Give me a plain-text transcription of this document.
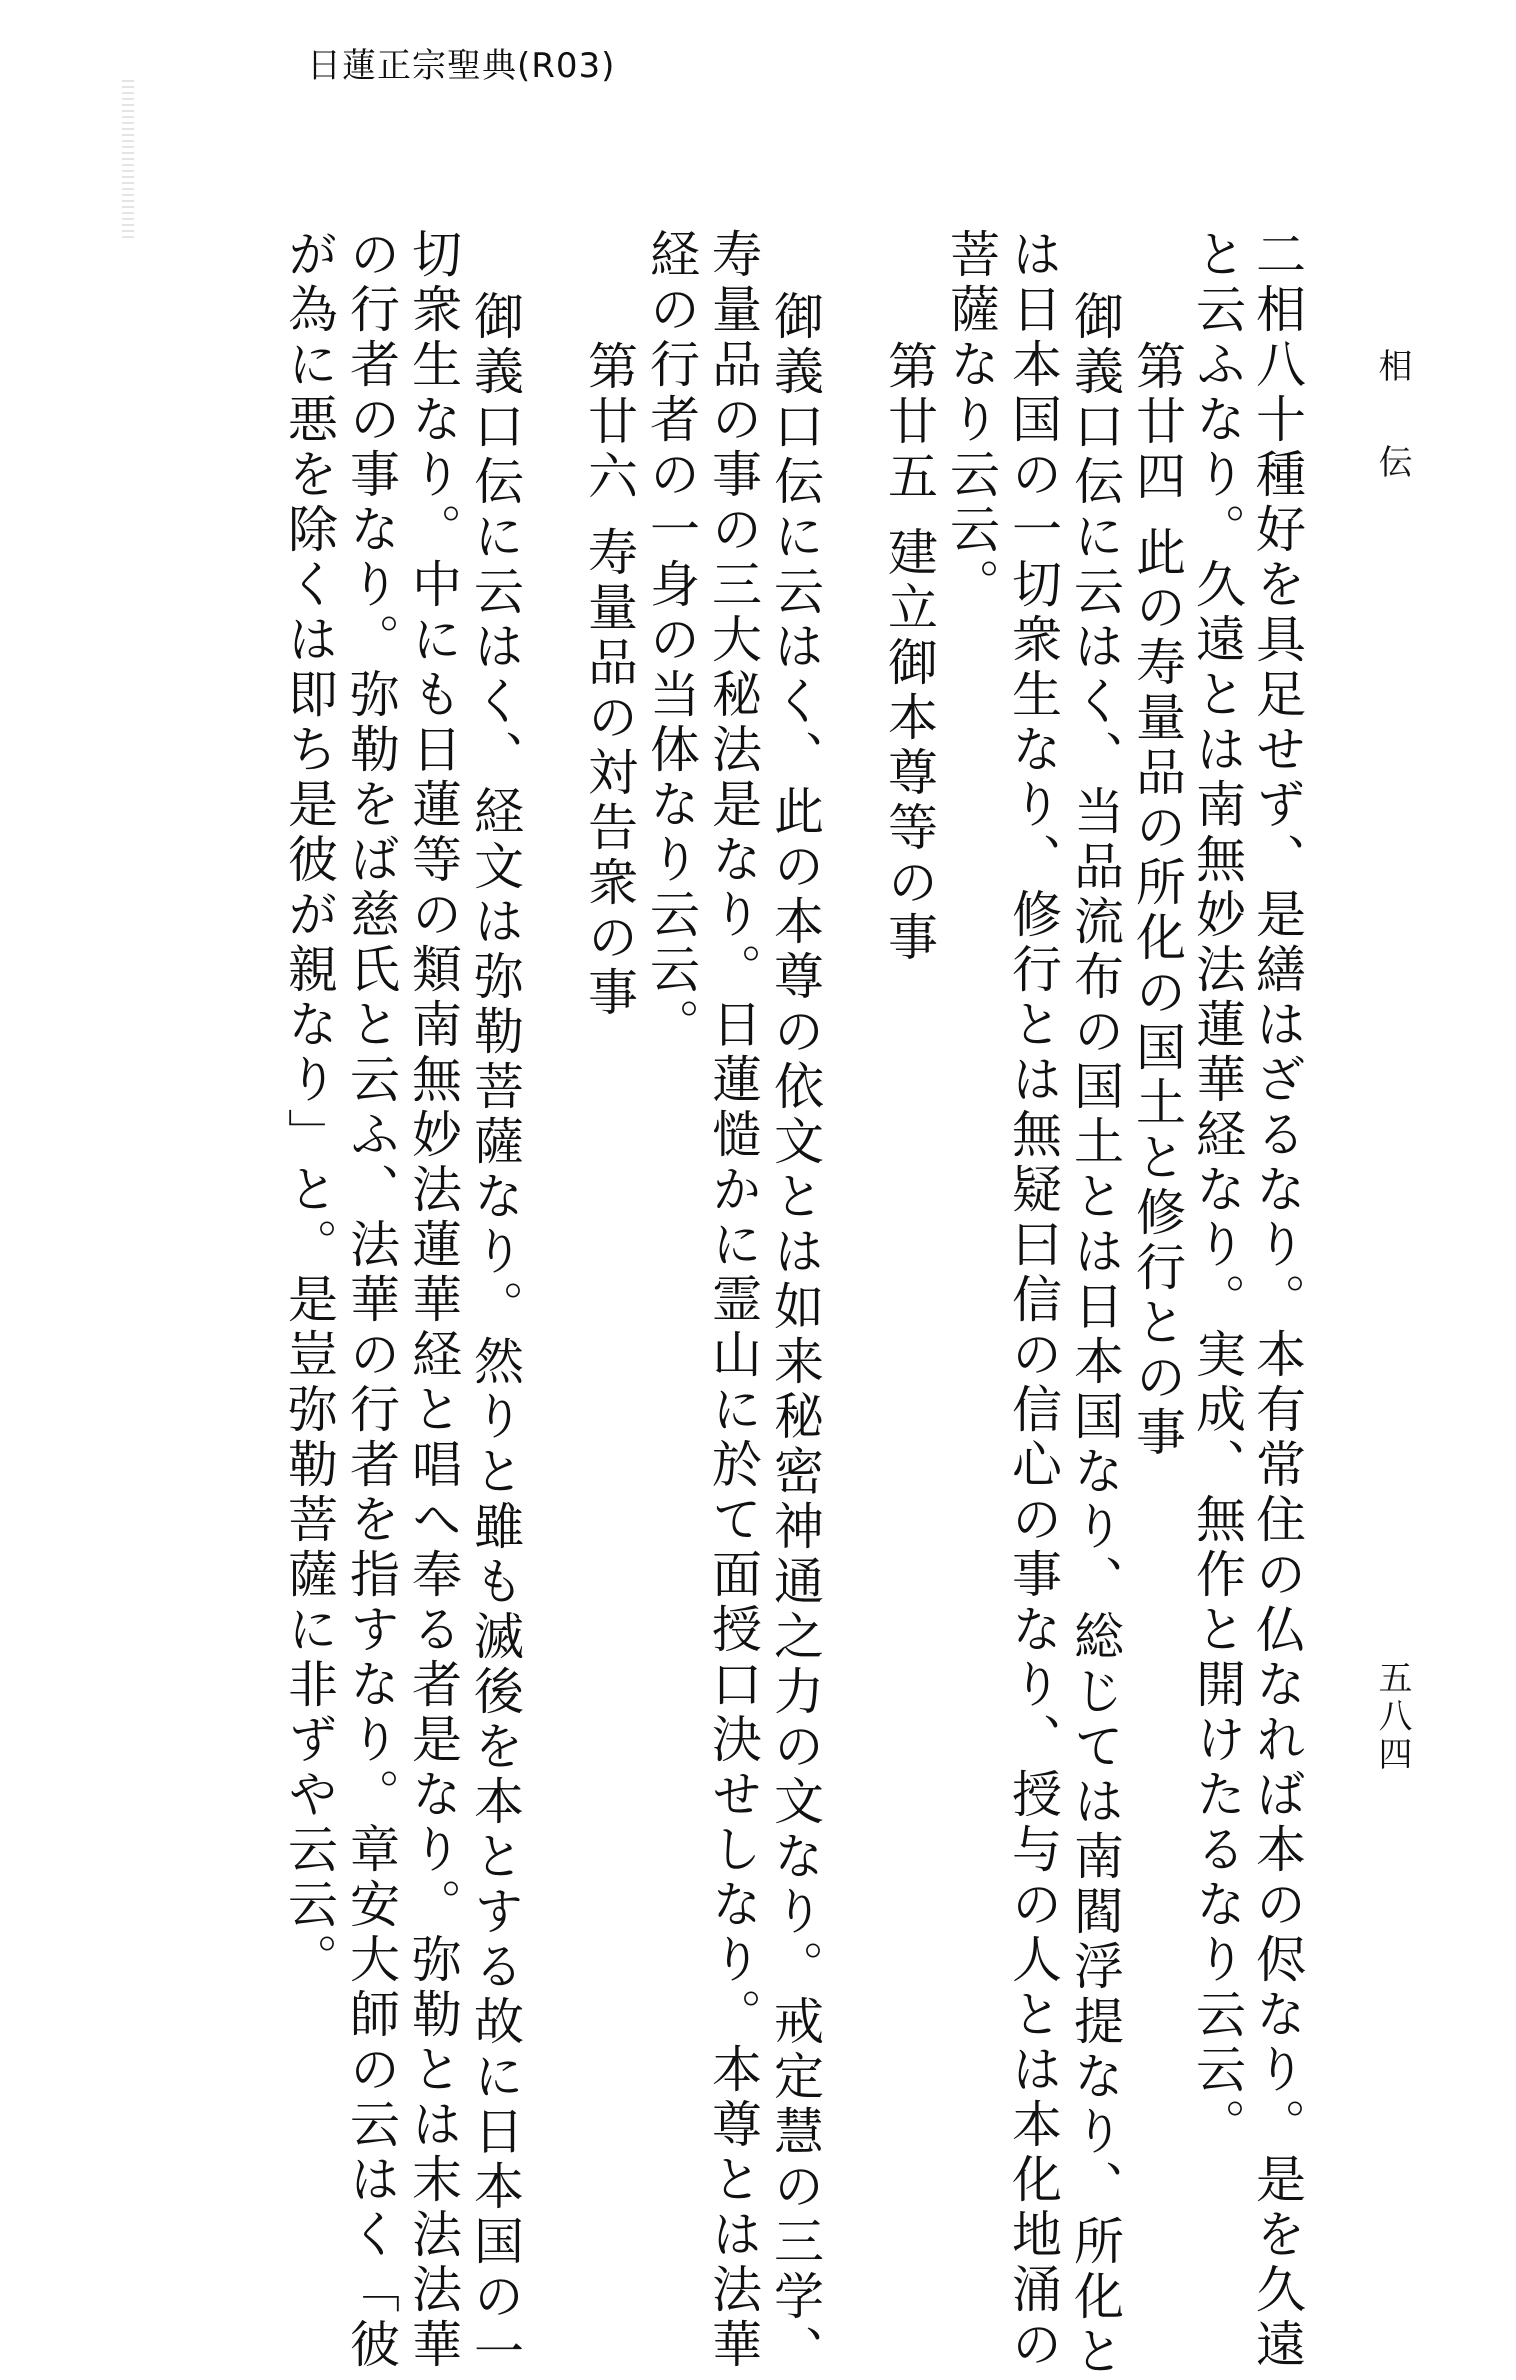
日蓮正宗聖典(R03)
相伝
五八四
二相八十種好を具足せず、是繕はざるなり。本有常住の仏なれば本の侭なり。是を久遠
と云ふなり。久遠とは南無妙法蓮華経なり。実成、無作と開けたるなり云云。
第廿四 此の寿量品の所化の国土と修行との事
御義口伝に云はく、当品流布の国土とは日本国なり、総じては南閻浮提なり、所化と
は日本国の一切衆生なり、修行とは無疑曰信の信心の事なり、授与の人とは本化地涌の
菩薩なり云云。
第廿五 建立御本尊等の事
御義口伝に云はく、此の本尊の依文とは如来秘密神通之力の文なり。戒定慧の三学、
寿量品の事の三大秘法是なり。日蓮慥かに霊山に於て面授口決せしなり。本尊とは法華
経の行者の一身の当体なり云云。
第廿六 寿量品の対告衆の事
御義口伝に云はく、経文は弥勒菩薩なり。然りと雖も滅後を本とする故に日本国の一
切衆生なり。中にも日蓮等の類南無妙法蓮華経と唱へ奉る者是なり。弥勒とは末法法華
の行者の事なり。弥勒をば慈氏と云ふ、法華の行者を指すなり。章安大師の云はく「彼
が為に悪を除くは即ち是彼が親なり」と。是豈弥勒菩薩に非ずや云云。
